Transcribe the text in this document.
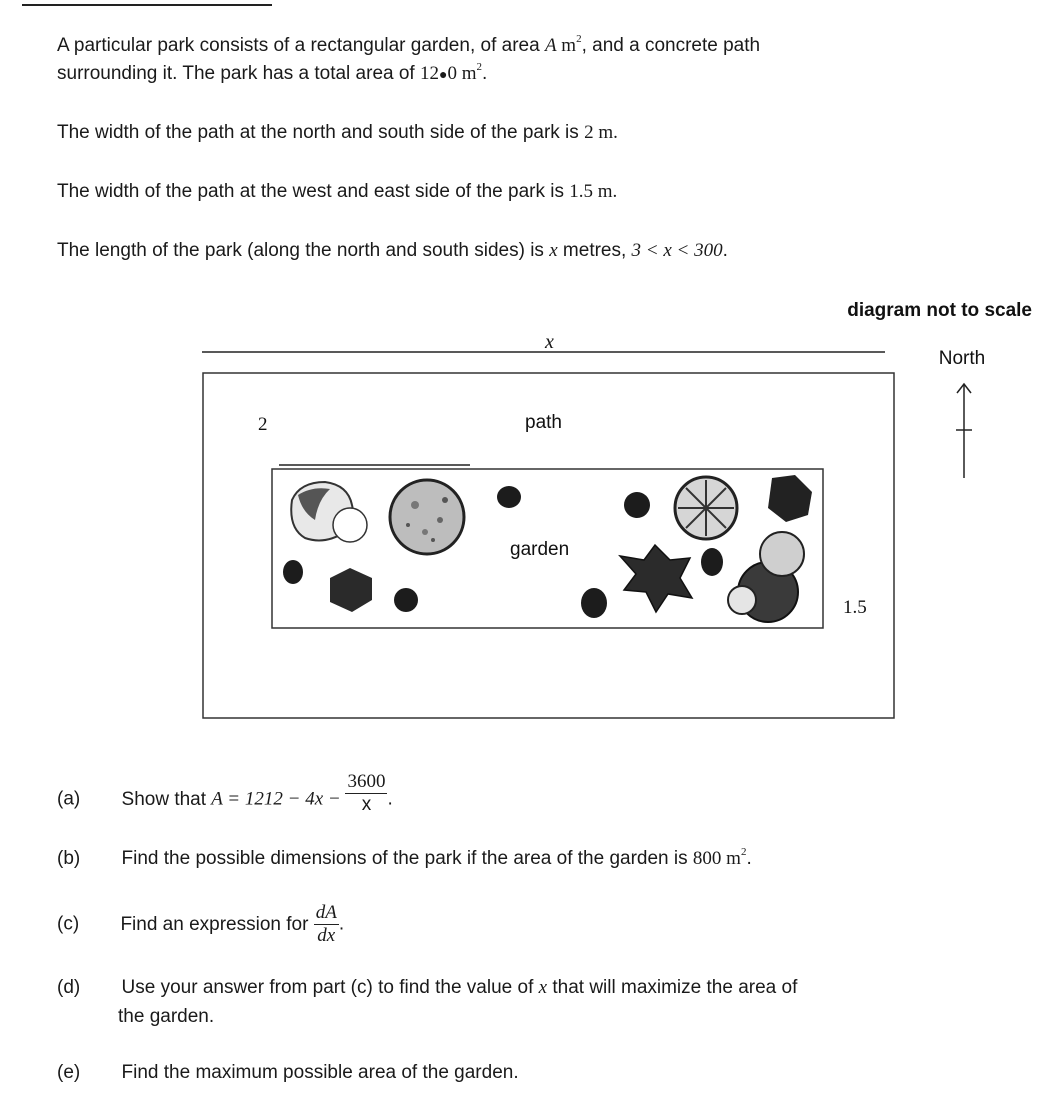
A particular park consists of a rectangular garden, of area A $m^2$, and a concrete path
surrounding it. The park has a total area of 12●0 $m^2$.
The width of the path at the north and south side of the park is 2 m.
The width of the path at the west and east side of the park is 1.5 m.
The length of the park (along the north and south sides) is x metres, 3 < x < 300.
diagram not to scale
x
North
2	path
garden
1.5
(a) Show that $A = 1212 - 4x - \frac{3600}{x}$ .
(b) Find the possible dimensions of the park if the area of the garden is 800 $m^2$.
(c) Find an expression for $\frac{dA}{dx}$ .
(d) Use your answer from part (c) to find the value of x that will maximize the area of
the garden.
(e) Find the maximum possible area of the garden.
